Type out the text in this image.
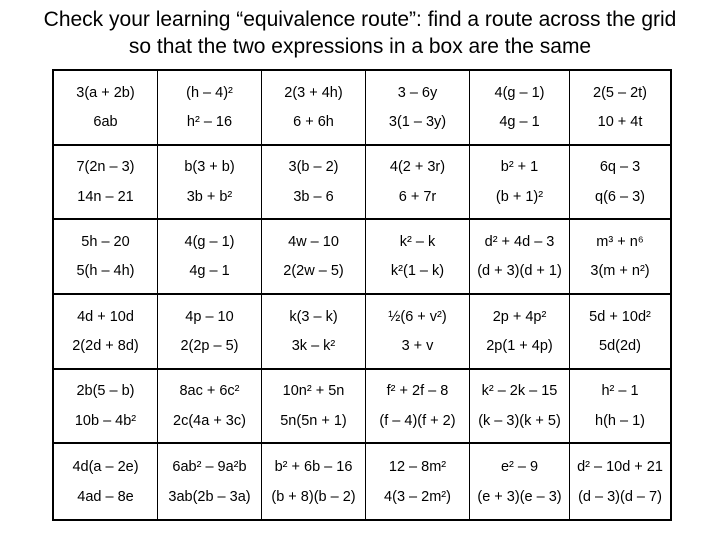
Check your learning “equivalence route”: find a route across the grid
so that the two expressions in a box are the same
3(a + 2b)
6ab
(h – 4)²
h² – 16
2(3 + 4h)
6 + 6h
3 – 6y
3(1 – 3y)
4(g – 1)
4g – 1
2(5 – 2t)
10 + 4t
7(2n – 3)
14n – 21
b(3 + b)
3b + b²
3(b – 2)
3b – 6
4(2 + 3r)
6 + 7r
b² + 1
(b + 1)²
6q – 3
q(6 – 3)
5h – 20
5(h – 4h)
4(g – 1)
4g – 1
4w – 10
2(2w – 5)
k² – k
k²(1 – k)
d² + 4d – 3
(d + 3)(d + 1)
m³ + n⁶
3(m + n²)
4d + 10d
2(2d + 8d)
4p – 10
2(2p – 5)
k(3 – k)
3k – k²
½(6 + v²)
3 + v
2p + 4p²
2p(1 + 4p)
5d + 10d²
5d(2d)
2b(5 – b)
10b – 4b²
8ac + 6c²
2c(4a + 3c)
10n² + 5n
5n(5n + 1)
f² + 2f – 8
(f – 4)(f + 2)
k² – 2k – 15
(k – 3)(k + 5)
h² – 1
h(h – 1)
4d(a – 2e)
4ad – 8e
6ab² – 9a²b
3ab(2b – 3a)
b² + 6b – 16
(b + 8)(b – 2)
12 – 8m²
4(3 – 2m²)
e² – 9
(e + 3)(e – 3)
d² – 10d + 21
(d – 3)(d – 7)
